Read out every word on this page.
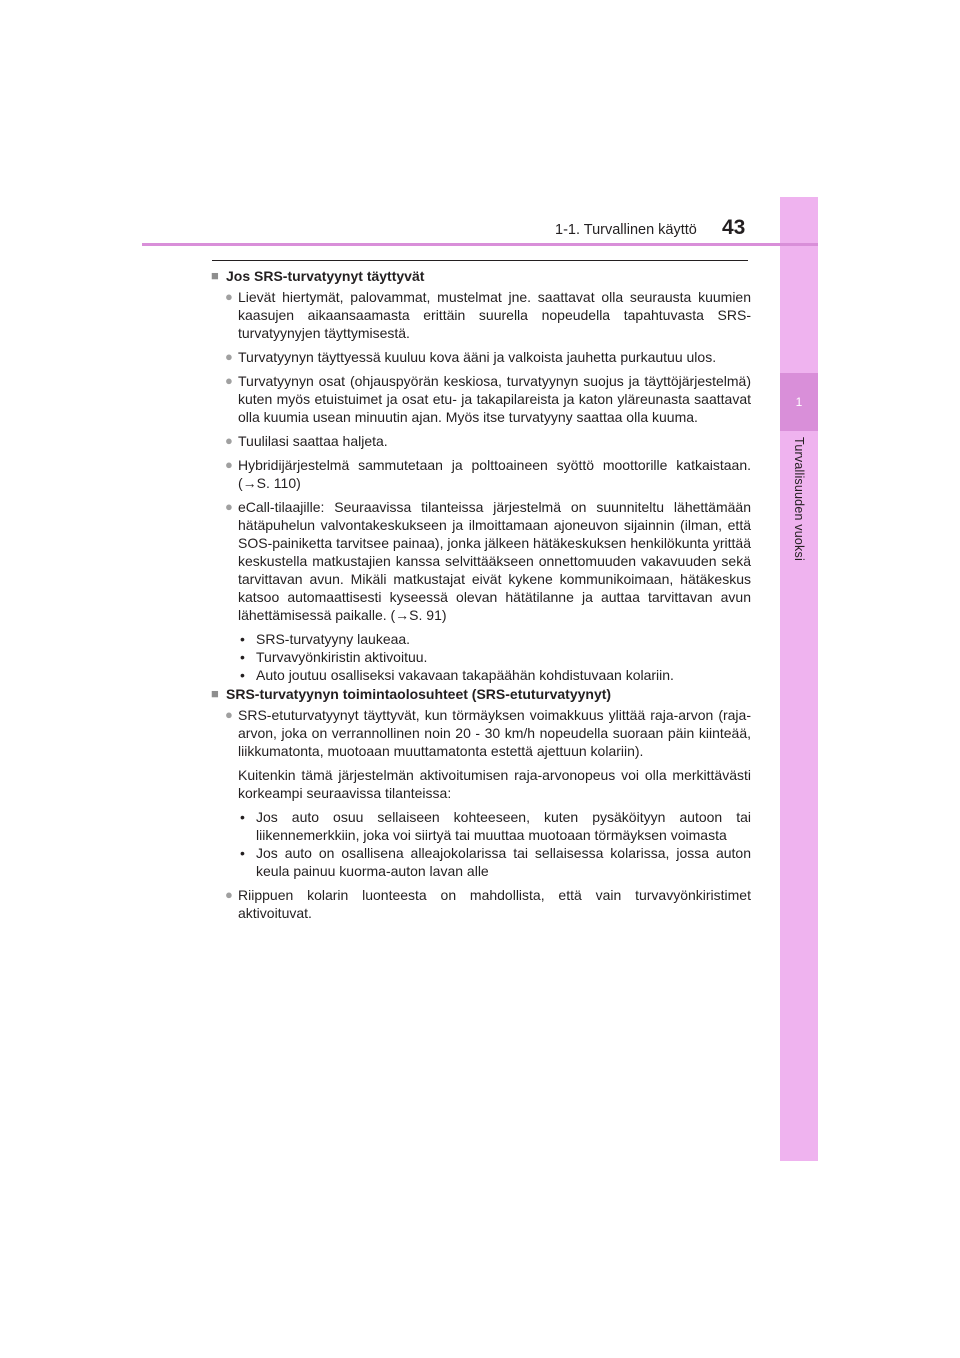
1
Turvallisuuden vuoksi
1-1. Turvallinen käyttö 43
■ Jos SRS-turvatyynyt täyttyvät
● Lievät hiertymät, palovammat, mustelmat jne. saattavat olla seurausta kuumien kaasujen aikaansaamasta erittäin suurella nopeudella tapahtuvasta SRS-turvatyynyjen täyttymisestä.
● Turvatyynyn täyttyessä kuuluu kova ääni ja valkoista jauhetta purkautuu ulos.
● Turvatyynyn osat (ohjauspyörän keskiosa, turvatyynyn suojus ja täyttöjärjestelmä) kuten myös etuistuimet ja osat etu- ja takapilareista ja katon yläreunasta saattavat olla kuumia usean minuutin ajan. Myös itse turvatyyny saattaa olla kuuma.
● Tuulilasi saattaa haljeta.
● Hybridijärjestelmä sammutetaan ja polttoaineen syöttö moottorille katkaistaan. (→S. 110)
● eCall-tilaajille: Seuraavissa tilanteissa järjestelmä on suunniteltu lähettämään hätäpuhelun valvontakeskukseen ja ilmoittamaan ajoneuvon sijainnin (ilman, että SOS-painiketta tarvitsee painaa), jonka jälkeen hätäkeskuksen henkilökunta yrittää keskustella matkustajien kanssa selvittääkseen onnettomuuden vakavuuden sekä tarvittavan avun. Mikäli matkustajat eivät kykene kommunikoimaan, hätäkeskus katsoo automaattisesti kyseessä olevan hätätilanne ja auttaa tarvittavan avun lähettämisessä paikalle. (→S. 91)
• SRS-turvatyyny laukeaa.
• Turvavyönkiristin aktivoituu.
• Auto joutuu osalliseksi vakavaan takapäähän kohdistuvaan kolariin.
■ SRS-turvatyynyn toimintaolosuhteet (SRS-etuturvatyynyt)
● SRS-etuturvatyynyt täyttyvät, kun törmäyksen voimakkuus ylittää raja-arvon (raja-arvon, joka on verrannollinen noin 20 - 30 km/h nopeudella suoraan päin kiinteää, liikkumatonta, muotoaan muuttamatonta estettä ajettuun kolariin).
Kuitenkin tämä järjestelmän aktivoitumisen raja-arvonopeus voi olla merkittävästi korkeampi seuraavissa tilanteissa:
• Jos auto osuu sellaiseen kohteeseen, kuten pysäköityyn autoon tai liikennemerkkiin, joka voi siirtyä tai muuttaa muotoaan törmäyksen voimasta
• Jos auto on osallisena alleajokolarissa tai sellaisessa kolarissa, jossa auton keula painuu kuorma-auton lavan alle
● Riippuen kolarin luonteesta on mahdollista, että vain turvavyönkiristimet aktivoituvat.
